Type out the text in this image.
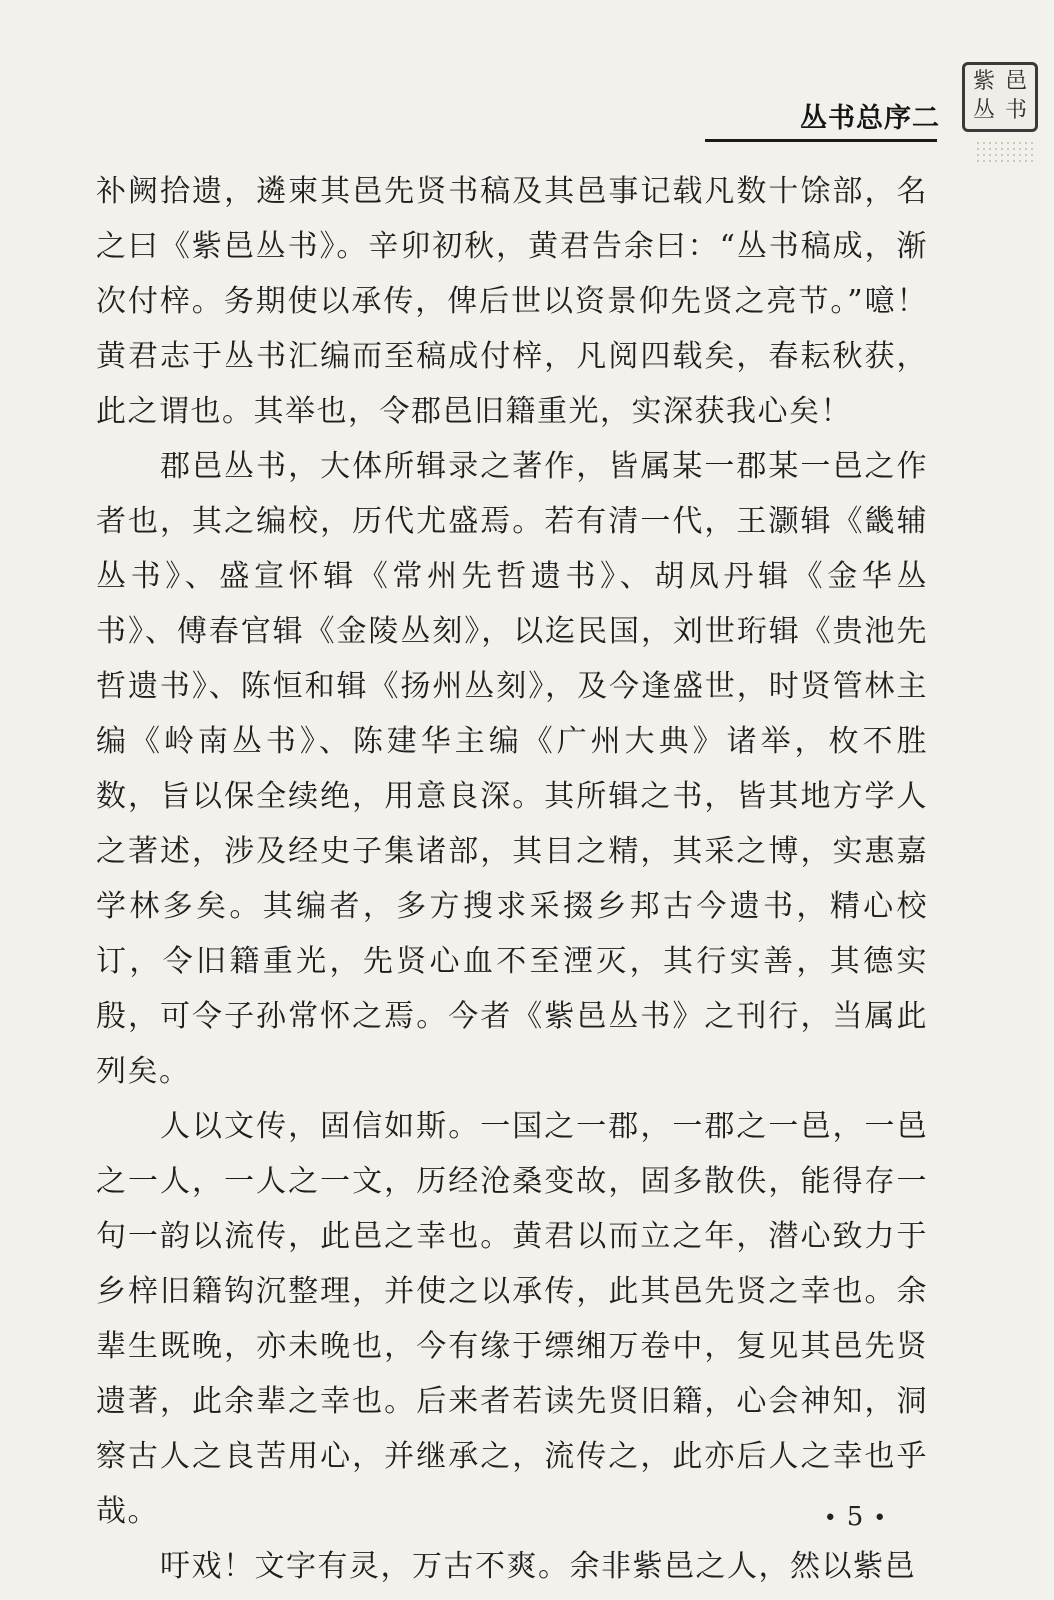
丛书总序二
紫 邑
丛 书

补阙拾遗，遴柬其邑先贤书稿及其邑事记载凡数十馀部，名之曰《紫邑丛书》。辛卯初秋，黄君告余曰：“丛书稿成，渐次付梓。务期使以承传，俾后世以资景仰先贤之亮节。”噫！黄君志于丛书汇编而至稿成付梓，凡阅四载矣，春耘秋获，此之谓也。其举也，令郡邑旧籍重光，实深获我心矣！

郡邑丛书，大体所辑录之著作，皆属某一郡某一邑之作者也，其之编校，历代尤盛焉。若有清一代，王灏辑《畿辅丛书》、盛宣怀辑《常州先哲遗书》、胡凤丹辑《金华丛书》、傅春官辑《金陵丛刻》，以迄民国，刘世珩辑《贵池先哲遗书》、陈恒和辑《扬州丛刻》，及今逢盛世，时贤管林主编《岭南丛书》、陈建华主编《广州大典》诸举，枚不胜数，旨以保全续绝，用意良深。其所辑之书，皆其地方学人之著述，涉及经史子集诸部，其目之精，其采之博，实惠嘉学林多矣。其编者，多方搜求采掇乡邦古今遗书，精心校订，令旧籍重光，先贤心血不至湮灭，其行实善，其德实殷，可令子孙常怀之焉。今者《紫邑丛书》之刊行，当属此列矣。

人以文传，固信如斯。一国之一郡，一郡之一邑，一邑之一人，一人之一文，历经沧桑变故，固多散佚，能得存一句一韵以流传，此邑之幸也。黄君以而立之年，潜心致力于乡梓旧籍钩沉整理，并使之以承传，此其邑先贤之幸也。余辈生既晚，亦未晚也，今有缘于缥缃万卷中，复见其邑先贤遗著，此余辈之幸也。后来者若读先贤旧籍，心会神知，洞察古人之良苦用心，并继承之，流传之，此亦后人之幸也乎哉。

吁戏！文字有灵，万古不爽。余非紫邑之人，然以紫邑

• 5 •
